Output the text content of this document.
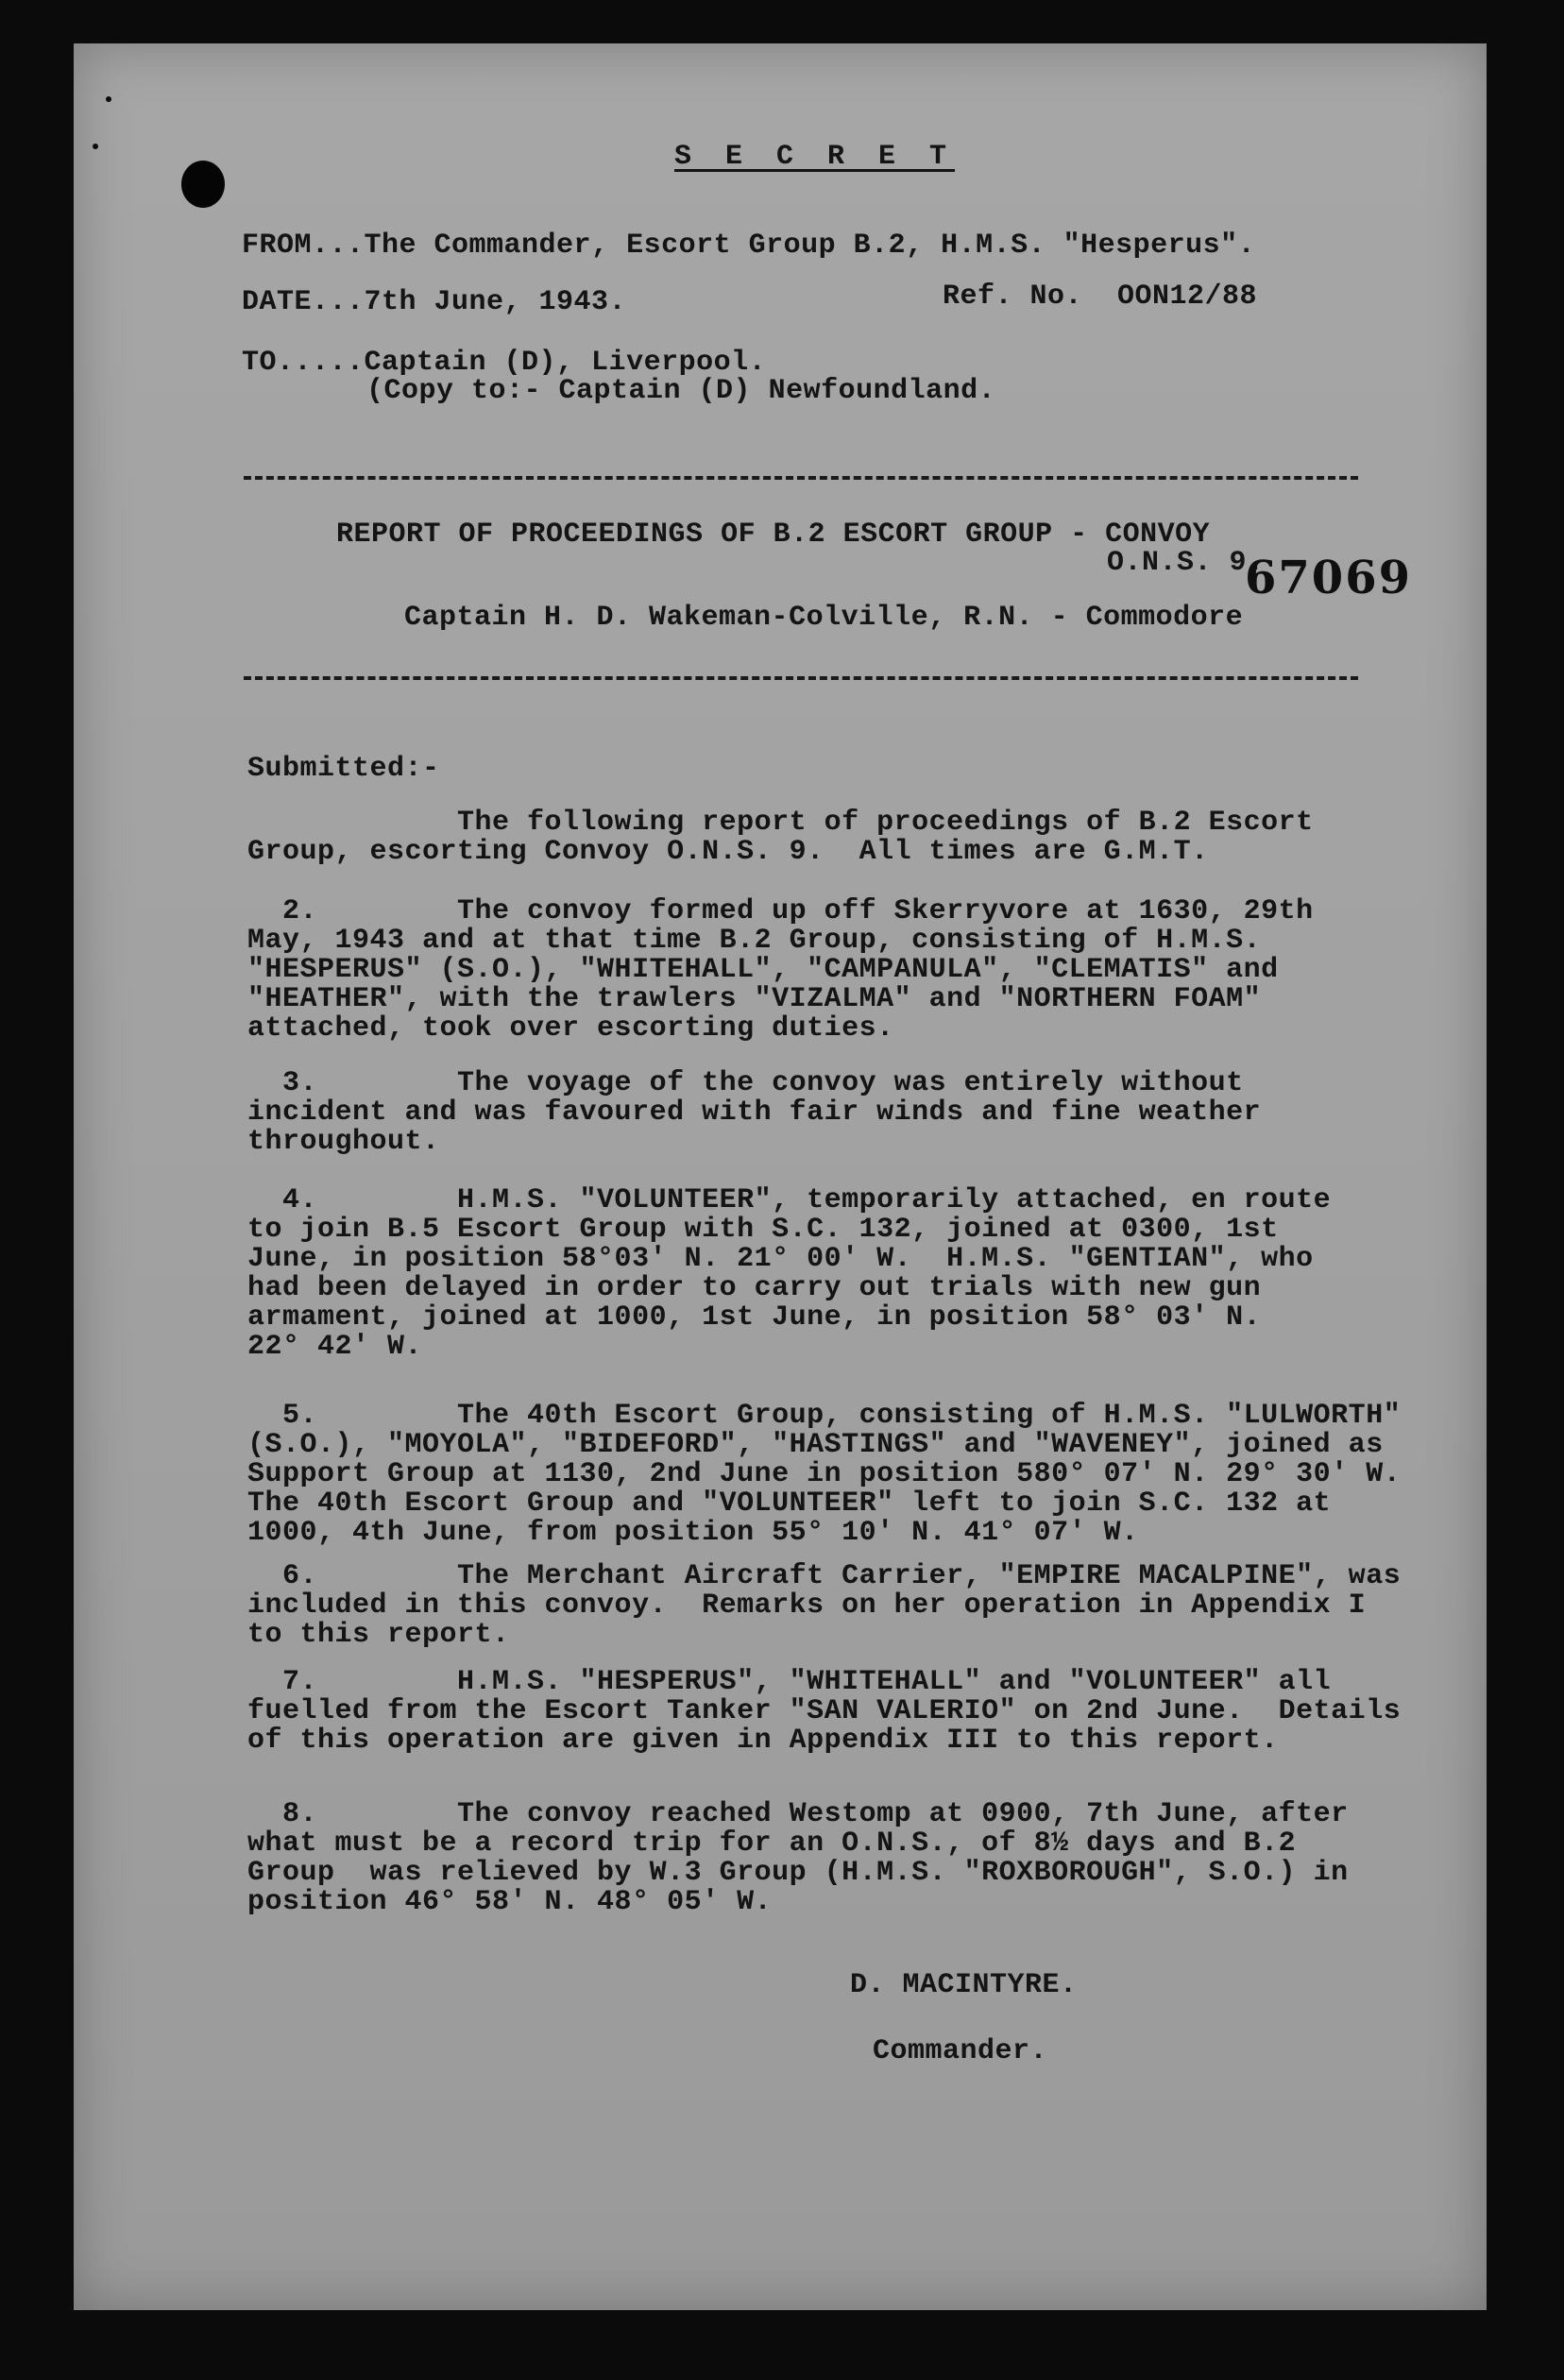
S E C R E T
FROM...The Commander, Escort Group B.2, H.M.S. "Hesperus".
DATE...7th June, 1943.	Ref. No.  OON12/88
TO.....Captain (D), Liverpool.
(Copy to:- Captain (D) Newfoundland.
REPORT OF PROCEEDINGS OF B.2 ESCORT GROUP - CONVOY
O.N.S. 9.
67069
Captain H. D. Wakeman-Colville, R.N. - Commodore
Submitted:-
The following report of proceedings of B.2 Escort
Group, escorting Convoy O.N.S. 9.  All times are G.M.T.
2.        The convoy formed up off Skerryvore at 1630, 29th
May, 1943 and at that time B.2 Group, consisting of H.M.S.
"HESPERUS" (S.O.), "WHITEHALL", "CAMPANULA", "CLEMATIS" and
"HEATHER", with the trawlers "VIZALMA" and "NORTHERN FOAM"
attached, took over escorting duties.
3.        The voyage of the convoy was entirely without
incident and was favoured with fair winds and fine weather
throughout.
4.        H.M.S. "VOLUNTEER", temporarily attached, en route
to join B.5 Escort Group with S.C. 132, joined at 0300, 1st
June, in position 58°03' N. 21° 00' W.  H.M.S. "GENTIAN", who
had been delayed in order to carry out trials with new gun
armament, joined at 1000, 1st June, in position 58° 03' N.
22° 42' W.
5.        The 40th Escort Group, consisting of H.M.S. "LULWORTH"
(S.O.), "MOYOLA", "BIDEFORD", "HASTINGS" and "WAVENEY", joined as
Support Group at 1130, 2nd June in position 580° 07' N. 29° 30' W.
The 40th Escort Group and "VOLUNTEER" left to join S.C. 132 at
1000, 4th June, from position 55° 10' N. 41° 07' W.
6.        The Merchant Aircraft Carrier, "EMPIRE MACALPINE", was
included in this convoy.  Remarks on her operation in Appendix I
to this report.
7.        H.M.S. "HESPERUS", "WHITEHALL" and "VOLUNTEER" all
fuelled from the Escort Tanker "SAN VALERIO" on 2nd June.  Details
of this operation are given in Appendix III to this report.
8.        The convoy reached Westomp at 0900, 7th June, after
what must be a record trip for an O.N.S., of 8½ days and B.2
Group  was relieved by W.3 Group (H.M.S. "ROXBOROUGH", S.O.) in
position 46° 58' N. 48° 05' W.
D. MACINTYRE.
Commander.
